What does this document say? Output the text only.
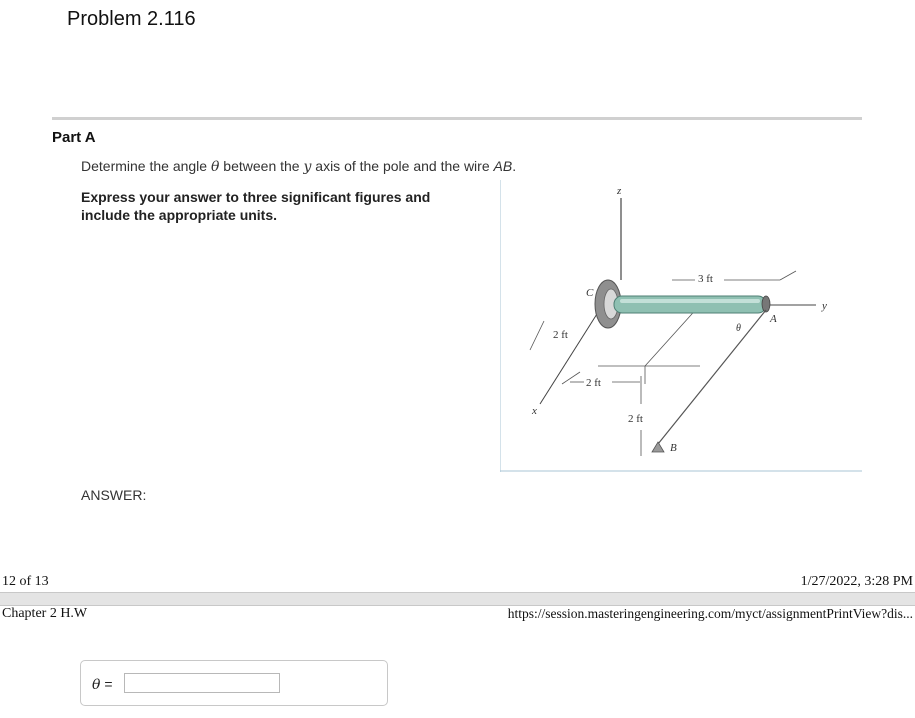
Problem 2.116
Part A
Determine the angle θ between the y axis of the pole and the wire AB.
Express your answer to three significant figures and include the appropriate units.
z
x
y
3 ft
2 ft
2 ft
2 ft
C
A
θ
B
ANSWER:
12 of 13	1/27/2022, 3:28 PM
Chapter 2 H.W	https://session.masteringengineering.com/myct/assignmentPrintView?dis...
θ =
